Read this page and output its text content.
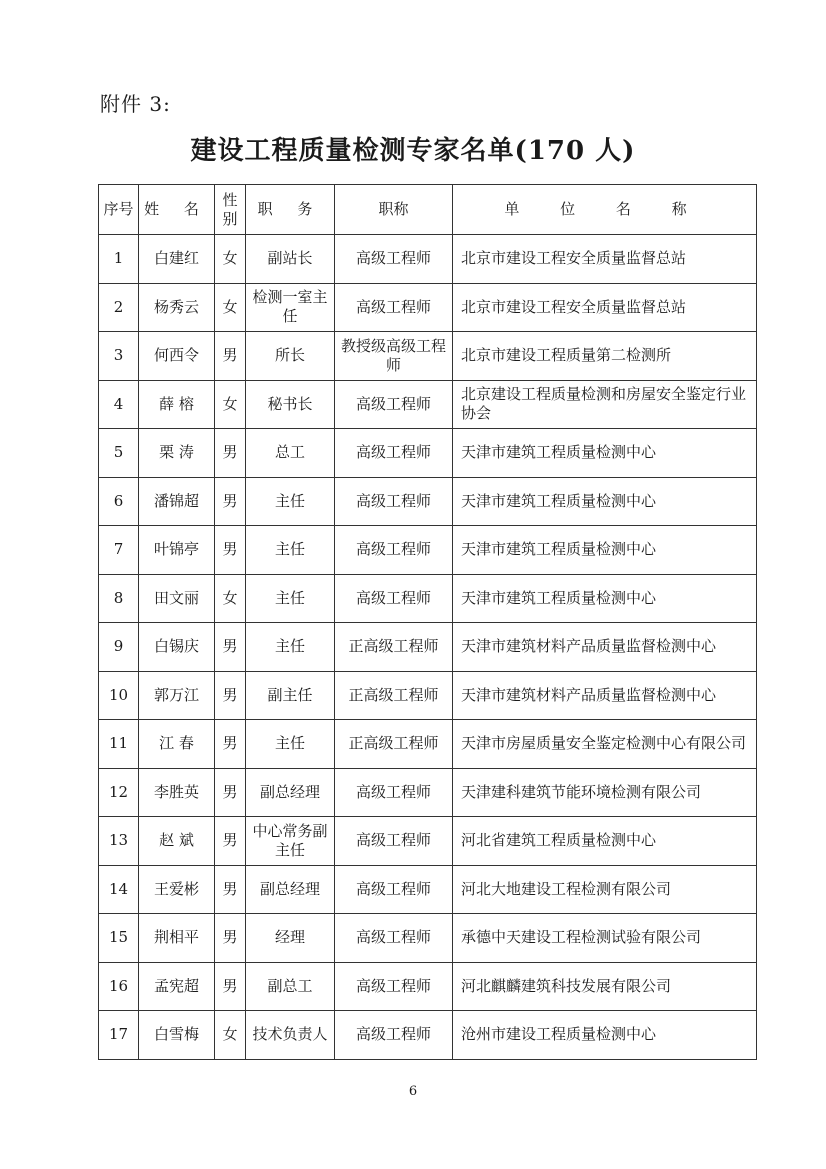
附件 3:
建设工程质量检测专家名单(170 人)
序号	姓 名	性别	职 务	职称	单 位 名 称
1	白建红	女	副站长	高级工程师	北京市建设工程安全质量监督总站
2	杨秀云	女	检测一室主任	高级工程师	北京市建设工程安全质量监督总站
3	何西令	男	所长	教授级高级工程师	北京市建设工程质量第二检测所
4	薛 榕	女	秘书长	高级工程师	北京建设工程质量检测和房屋安全鉴定行业协会
5	栗 涛	男	总工	高级工程师	天津市建筑工程质量检测中心
6	潘锦超	男	主任	高级工程师	天津市建筑工程质量检测中心
7	叶锦亭	男	主任	高级工程师	天津市建筑工程质量检测中心
8	田文丽	女	主任	高级工程师	天津市建筑工程质量检测中心
9	白锡庆	男	主任	正高级工程师	天津市建筑材料产品质量监督检测中心
10	郭万江	男	副主任	正高级工程师	天津市建筑材料产品质量监督检测中心
11	江 春	男	主任	正高级工程师	天津市房屋质量安全鉴定检测中心有限公司
12	李胜英	男	副总经理	高级工程师	天津建科建筑节能环境检测有限公司
13	赵 斌	男	中心常务副主任	高级工程师	河北省建筑工程质量检测中心
14	王爱彬	男	副总经理	高级工程师	河北大地建设工程检测有限公司
15	荆相平	男	经理	高级工程师	承德中天建设工程检测试验有限公司
16	孟宪超	男	副总工	高级工程师	河北麒麟建筑科技发展有限公司
17	白雪梅	女	技术负责人	高级工程师	沧州市建设工程质量检测中心
6
